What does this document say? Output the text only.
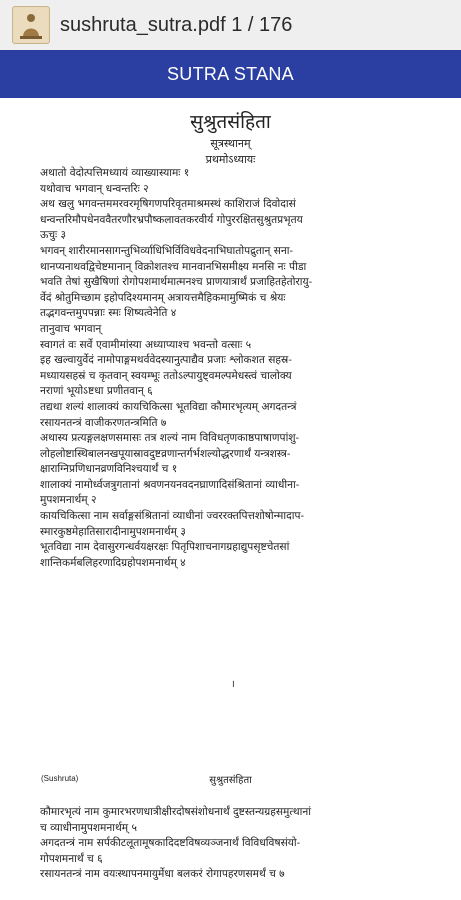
sushruta_sutra.pdf 1 / 176
SUTRA STANA
सुश्रुतसंहिता
सूत्रस्थानम्
प्रथमोऽध्यायः
अथातो वेदोत्पत्तिमध्यायं व्याख्यास्यामः १
यथोवाच भगवान् धन्वन्तरिः २
अथ खलु भगवन्तममरवरमृषिगणपरिवृतमाश्रमस्थं काशिराजं दिवोदासं
धन्वन्तरिमौपधेनववैतरणौरभ्रपौष्कलावतकरवीर्य गोपुररक्षितसुश्रुतप्रभृतय
ऊचुः ३
भगवन् शारीरमानसागन्तुभिर्व्याधिभिर्विविधवेदनाभिघातोपद्रुतान् सना-
थानप्यनाथवद्विचेष्टमानान् विक्रोशतश्च मानवानभिसमीक्ष्य मनसि नः पीडा
भवति तेषां सुखैषिणां रोगोपशमार्थमात्मनश्च प्राणयात्रार्थं प्रजाहितहेतोरायु-
र्वेदं श्रोतुमिच्छाम इहोपदिश्यमानम् अत्रायत्तमैहिकमामुष्मिकं च श्रेयः
तद्भगवन्तमुपपन्नाः स्मः शिष्यत्वेनेति ४
तानुवाच भगवान्
स्वागतं वः सर्वे एवामीमांस्या अध्याप्याश्च भवन्तो वत्साः ५
इह खल्वायुर्वेदं नामोपाङ्गमथर्ववेदस्यानुत्पाद्यैव प्रजाः श्लोकशत सहस्र-
मध्यायसहस्रं च कृतवान् स्वयम्भूः ततोऽल्पायुष्ट्वमल्पमेधस्त्वं चालोक्य
नराणां भूयोऽष्टधा प्रणीतवान् ६
तद्यथा शल्यं शालाक्यं कायचिकित्सा भूतविद्या कौमारभृत्यम् अगदतन्त्रं
रसायनतन्त्रं वाजीकरणतन्त्रमिति ७
अथास्य प्रत्यङ्गलक्षणसमासः तत्र शल्यं नाम विविधतृणकाष्ठपाषाणपांशु-
लोहलोष्टास्थिबालनखपूयास्रावदुष्टव्रणान्तर्गर्भशल्योद्धरणार्थं यन्त्रशस्त्र-
क्षाराग्निप्रणिधानव्रणविनिश्चयार्थं च १
शालाक्यं नामोर्ध्वजत्रुगतानां श्रवणनयनवदनघ्राणादिसंश्रितानां व्याधीना-
मुपशमनार्थम् २
कायचिकित्सा नाम सर्वाङ्गसंश्रितानां व्याधीनां ज्वररक्तपित्तशोषोन्मादाप-
स्मारकुष्ठमेहातिसारादीनामुपशमनार्थम् ३
भूतविद्या नाम देवासुरगन्धर्वयक्षरक्षः पितृपिशाचनागग्रहाद्युपसृष्टचेतसां
शान्तिकर्मबलिहरणादिग्रहोपशमनार्थम् ४
।
(Sushruta)	सुश्रुतसंहिता
कौमारभृत्यं नाम कुमारभरणधात्रीक्षीरदोषसंशोधनार्थं दुष्टस्तन्यग्रहसमुत्थानां
च व्याधीनामुपशमनार्थम् ५
अगदतन्त्रं नाम सर्पकीटलूतामूषकादिदष्टविषव्यञ्जनार्थं विविधविषसंयो-
गोपशमनार्थं च ६
रसायनतन्त्रं नाम वयःस्थापनमायुर्मेधा बलकरं रोगापहरणसमर्थं च ७
